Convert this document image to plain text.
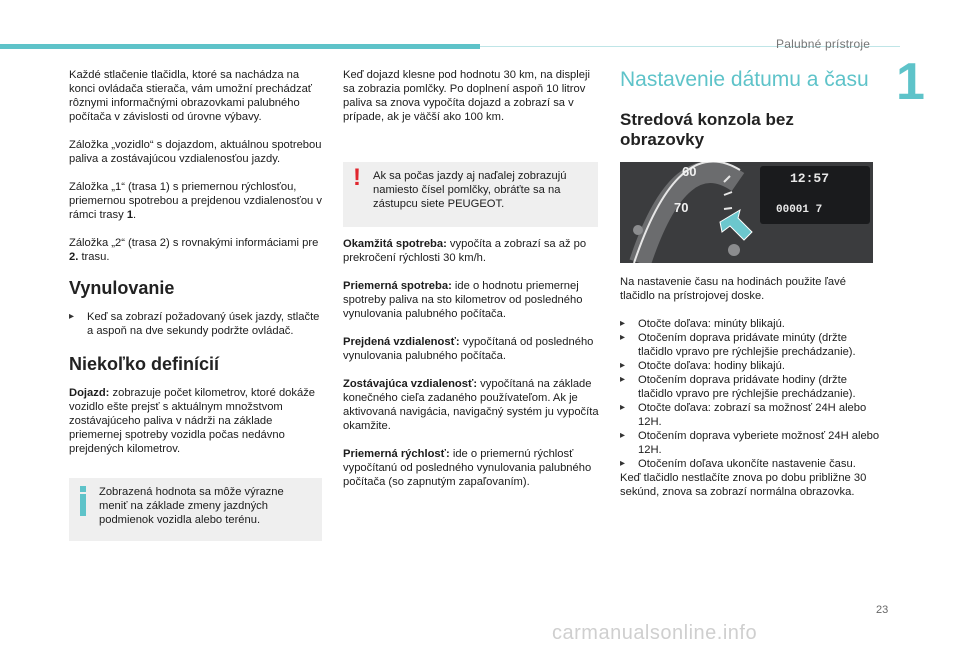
Palubné prístroje
1

Každé stlačenie tlačidla, ktoré sa nachádza na konci ovládača stierača, vám umožní prechádzať rôznymi informačnými obrazovkami palubného počítača v závislosti od úrovne výbavy.

Záložka „vozidlo“ s dojazdom, aktuálnou spotrebou paliva a zostávajúcou vzdialenosťou jazdy.

Záložka „1“ (trasa 1) s priemernou rýchlosťou, priemernou spotrebou a prejdenou vzdialenosťou v rámci trasy 1.

Záložka „2“ (trasa 2) s rovnakými informáciami pre 2. trasu.

Vynulovanie
▸	Keď sa zobrazí požadovaný úsek jazdy, stlačte a aspoň na dve sekundy podržte ovládač.
Niekoľko definícií

Dojazd: zobrazuje počet kilometrov, ktoré dokáže vozidlo ešte prejsť s aktuálnym množstvom zostávajúceho paliva v nádrži na základe priemernej spotreby vozidla počas nedávno prejdených kilometrov.

Zobrazená hodnota sa môže výrazne meniť na základe zmeny jazdných podmienok vozidla alebo terénu.

Keď dojazd klesne pod hodnotu 30 km, na displeji sa zobrazia pomlčky. Po doplnení aspoň 10 litrov paliva sa znova vypočíta dojazd a zobrazí sa v prípade, ak je väčší ako 100 km.

! Ak sa počas jazdy aj naďalej zobrazujú namiesto čísel pomlčky, obráťte sa na zástupcu siete PEUGEOT.

Okamžitá spotreba: vypočíta a zobrazí sa až po prekročení rýchlosti 30 km/h.

Priemerná spotreba: ide o hodnotu priemernej spotreby paliva na sto kilometrov od posledného vynulovania palubného počítača.

Prejdená vzdialenosť: vypočítaná od posledného vynulovania palubného počítača.

Zostávajúca vzdialenosť: vypočítaná na základe konečného cieľa zadaného používateľom. Ak je aktivovaná navigácia, navigačný systém ju vypočíta okamžite.

Priemerná rýchlosť: ide o priemernú rýchlosť vypočítanú od posledného vynulovania palubného počítača (so zapnutým zapaľovaním).

Nastavenie dátumu a času
Stredová konzola bez obrazovky
60
70
12:57
00001 7

Na nastavenie času na hodinách použite ľavé tlačidlo na prístrojovej doske.

▸	Otočte doľava: minúty blikajú.
▸	Otočením doprava pridávate minúty (držte tlačidlo vpravo pre rýchlejšie prechádzanie).
▸	Otočte doľava: hodiny blikajú.
▸	Otočením doprava pridávate hodiny (držte tlačidlo vpravo pre rýchlejšie prechádzanie).
▸	Otočte doľava: zobrazí sa možnosť 24H alebo 12H.
▸	Otočením doprava vyberiete možnosť 24H alebo 12H.
▸	Otočením doľava ukončíte nastavenie času.

Keď tlačidlo nestlačíte znova po dobu približne 30 sekúnd, znova sa zobrazí normálna obrazovka.

23
carmanualsonline.info
